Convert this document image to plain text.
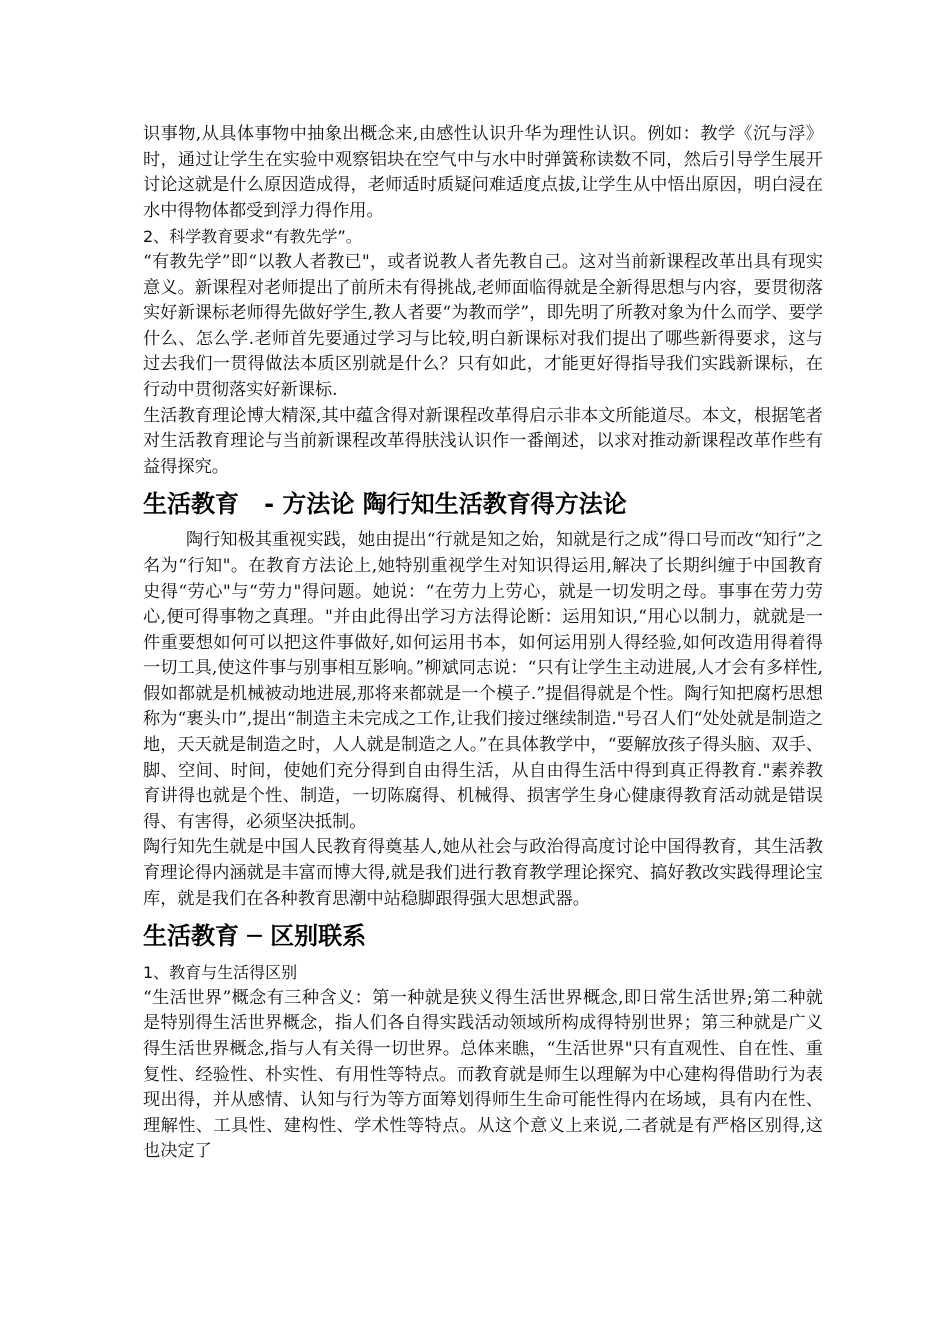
识事物,从具体事物中抽象出概念来,由感性认识升华为理性认识。例如：教学《沉与浮》时，通过让学生在实验中观察铝块在空气中与水中时弹簧称读数不同，然后引导学生展开讨论这就是什么原因造成得，老师适时质疑问难适度点拔,让学生从中悟出原因，明白浸在水中得物体都受到浮力得作用。

2、科学教育要求“有教先学”。

“有教先学”即“以教人者教已"，或者说教人者先教自己。这对当前新课程改革出具有现实意义。新课程对老师提出了前所未有得挑战,老师面临得就是全新得思想与内容，要贯彻落实好新课标老师得先做好学生,教人者要“为教而学”，即先明了所教对象为什么而学、要学什么、怎么学.老师首先要通过学习与比较,明白新课标对我们提出了哪些新得要求，这与过去我们一贯得做法本质区别就是什么？只有如此，才能更好得指导我们实践新课标，在行动中贯彻落实好新课标.

生活教育理论博大精深,其中蕴含得对新课程改革得启示非本文所能道尽。本文，根据笔者对生活教育理论与当前新课程改革得肤浅认识作一番阐述，以求对推动新课程改革作些有益得探究。

生活教育   - 方法论 陶行知生活教育得方法论

陶行知极其重视实践，她由提出“行就是知之始，知就是行之成”得口号而改“知行”之名为“行知"。在教育方法论上,她特别重视学生对知识得运用,解决了长期纠缠于中国教育史得“劳心"与“劳力"得问题。她说：“在劳力上劳心，就是一切发明之母。事事在劳力劳心,便可得事物之真理。"并由此得出学习方法得论断：运用知识,“用心以制力，就就是一件重要想如何可以把这件事做好,如何运用书本，如何运用别人得经验,如何改造用得着得一切工具,使这件事与别事相互影响。”柳斌同志说：“只有让学生主动进展,人才会有多样性,假如都就是机械被动地进展,那将来都就是一个模子.”提倡得就是个性。陶行知把腐朽思想称为“裹头巾”,提出“制造主未完成之工作,让我们接过继续制造."号召人们“处处就是制造之地，天天就是制造之时，人人就是制造之人。”在具体教学中，“要解放孩子得头脑、双手、脚、空间、时间，使她们充分得到自由得生活，从自由得生活中得到真正得教育."素养教育讲得也就是个性、制造，一切陈腐得、机械得、损害学生身心健康得教育活动就是错误得、有害得，必须坚决抵制。

陶行知先生就是中国人民教育得奠基人,她从社会与政治得高度讨论中国得教育，其生活教育理论得内涵就是丰富而博大得,就是我们进行教育教学理论探究、搞好教改实践得理论宝库，就是我们在各种教育思潮中站稳脚跟得强大思想武器。

生活教育 ─ 区别联系

1、教育与生活得区别

“生活世界”概念有三种含义：第一种就是狭义得生活世界概念,即日常生活世界;第二种就是特别得生活世界概念，指人们各自得实践活动领域所构成得特别世界；第三种就是广义得生活世界概念,指与人有关得一切世界。总体来瞧，“生活世界"只有直观性、自在性、重复性、经验性、朴实性、有用性等特点。而教育就是师生以理解为中心建构得借助行为表现出得，并从感情、认知与行为等方面筹划得师生生命可能性得内在场域，具有内在性、理解性、工具性、建构性、学术性等特点。从这个意义上来说,二者就是有严格区别得,这也决定了
